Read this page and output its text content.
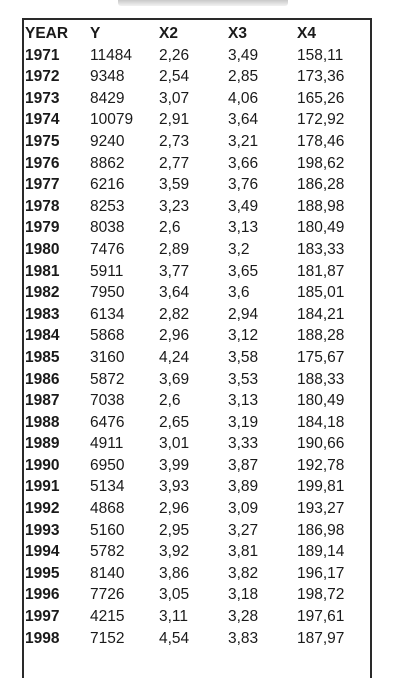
YEAR	Y	X2	X3	X4
1971	11484	2,26	3,49	158,11
1972	9348	2,54	2,85	173,36
1973	8429	3,07	4,06	165,26
1974	10079	2,91	3,64	172,92
1975	9240	2,73	3,21	178,46
1976	8862	2,77	3,66	198,62
1977	6216	3,59	3,76	186,28
1978	8253	3,23	3,49	188,98
1979	8038	2,6	3,13	180,49
1980	7476	2,89	3,2	183,33
1981	5911	3,77	3,65	181,87
1982	7950	3,64	3,6	185,01
1983	6134	2,82	2,94	184,21
1984	5868	2,96	3,12	188,28
1985	3160	4,24	3,58	175,67
1986	5872	3,69	3,53	188,33
1987	7038	2,6	3,13	180,49
1988	6476	2,65	3,19	184,18
1989	4911	3,01	3,33	190,66
1990	6950	3,99	3,87	192,78
1991	5134	3,93	3,89	199,81
1992	4868	2,96	3,09	193,27
1993	5160	2,95	3,27	186,98
1994	5782	3,92	3,81	189,14
1995	8140	3,86	3,82	196,17
1996	7726	3,05	3,18	198,72
1997	4215	3,11	3,28	197,61
1998	7152	4,54	3,83	187,97
